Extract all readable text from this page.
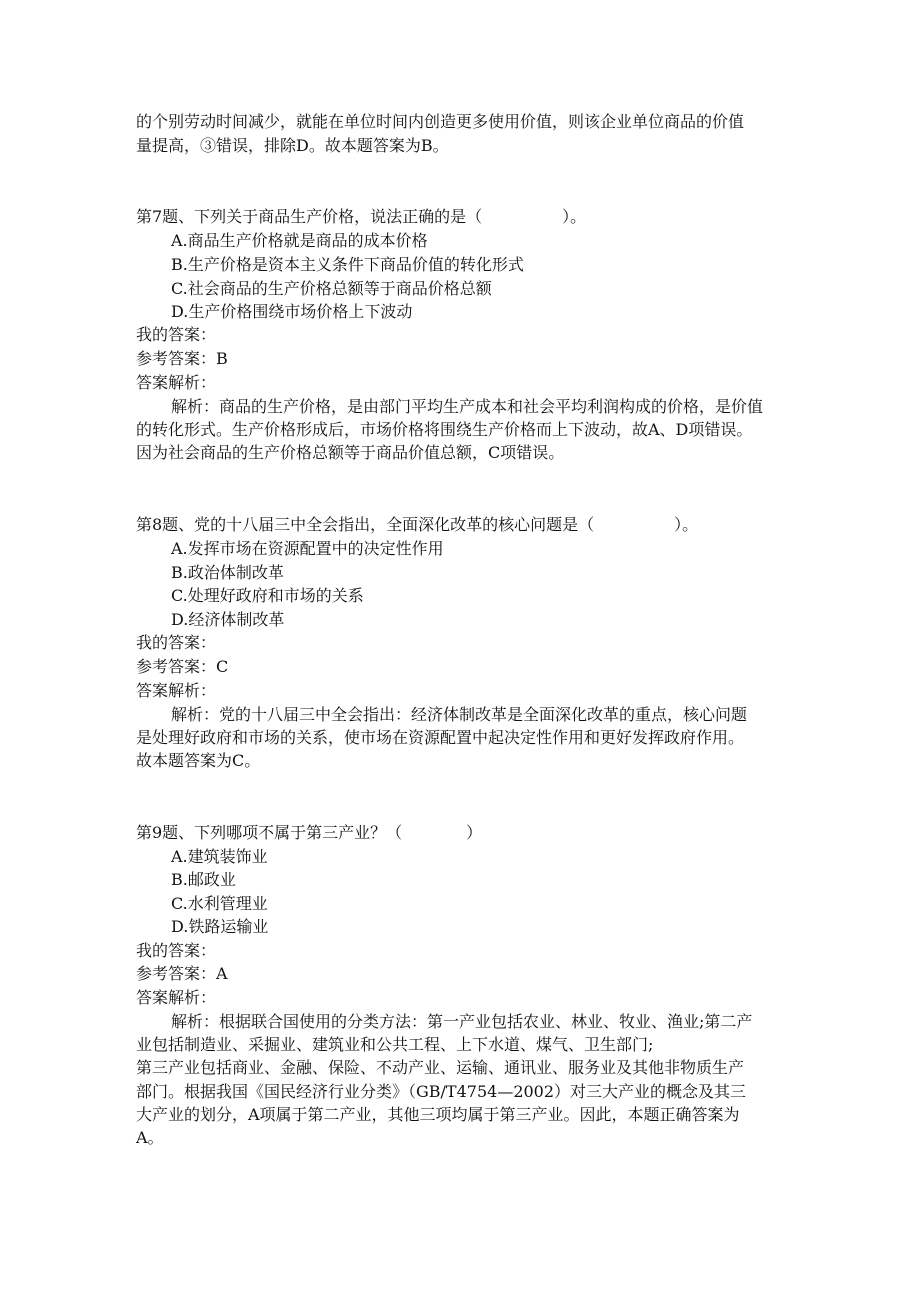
的个别劳动时间减少，就能在单位时间内创造更多使用价值，则该企业单位商品的价值
量提高，③错误，排除D。故本题答案为B。
第7题、下列关于商品生产价格，说法正确的是（　　　　　）。
A.商品生产价格就是商品的成本价格
B.生产价格是资本主义条件下商品价值的转化形式
C.社会商品的生产价格总额等于商品价格总额
D.生产价格围绕市场价格上下波动
我的答案：
参考答案：B
答案解析：
解析：商品的生产价格，是由部门平均生产成本和社会平均利润构成的价格，是价值
的转化形式。生产价格形成后，市场价格将围绕生产价格而上下波动，故A、D项错误。
因为社会商品的生产价格总额等于商品价值总额，C项错误。
第8题、党的十八届三中全会指出，全面深化改革的核心问题是（　　　　　）。
A.发挥市场在资源配置中的决定性作用
B.政治体制改革
C.处理好政府和市场的关系
D.经济体制改革
我的答案：
参考答案：C
答案解析：
解析：党的十八届三中全会指出：经济体制改革是全面深化改革的重点，核心问题
是处理好政府和市场的关系，使市场在资源配置中起决定性作用和更好发挥政府作用。
故本题答案为C。
第9题、下列哪项不属于第三产业？（　　　　）
A.建筑装饰业
B.邮政业
C.水利管理业
D.铁路运输业
我的答案：
参考答案：A
答案解析：
解析：根据联合国使用的分类方法：第一产业包括农业、林业、牧业、渔业;第二产
业包括制造业、采掘业、建筑业和公共工程、上下水道、煤气、卫生部门;
第三产业包括商业、金融、保险、不动产业、运输、通讯业、服务业及其他非物质生产
部门。根据我国《国民经济行业分类》（GB/T4754—2002）对三大产业的概念及其三
大产业的划分，A项属于第二产业，其他三项均属于第三产业。因此，本题正确答案为
A。
